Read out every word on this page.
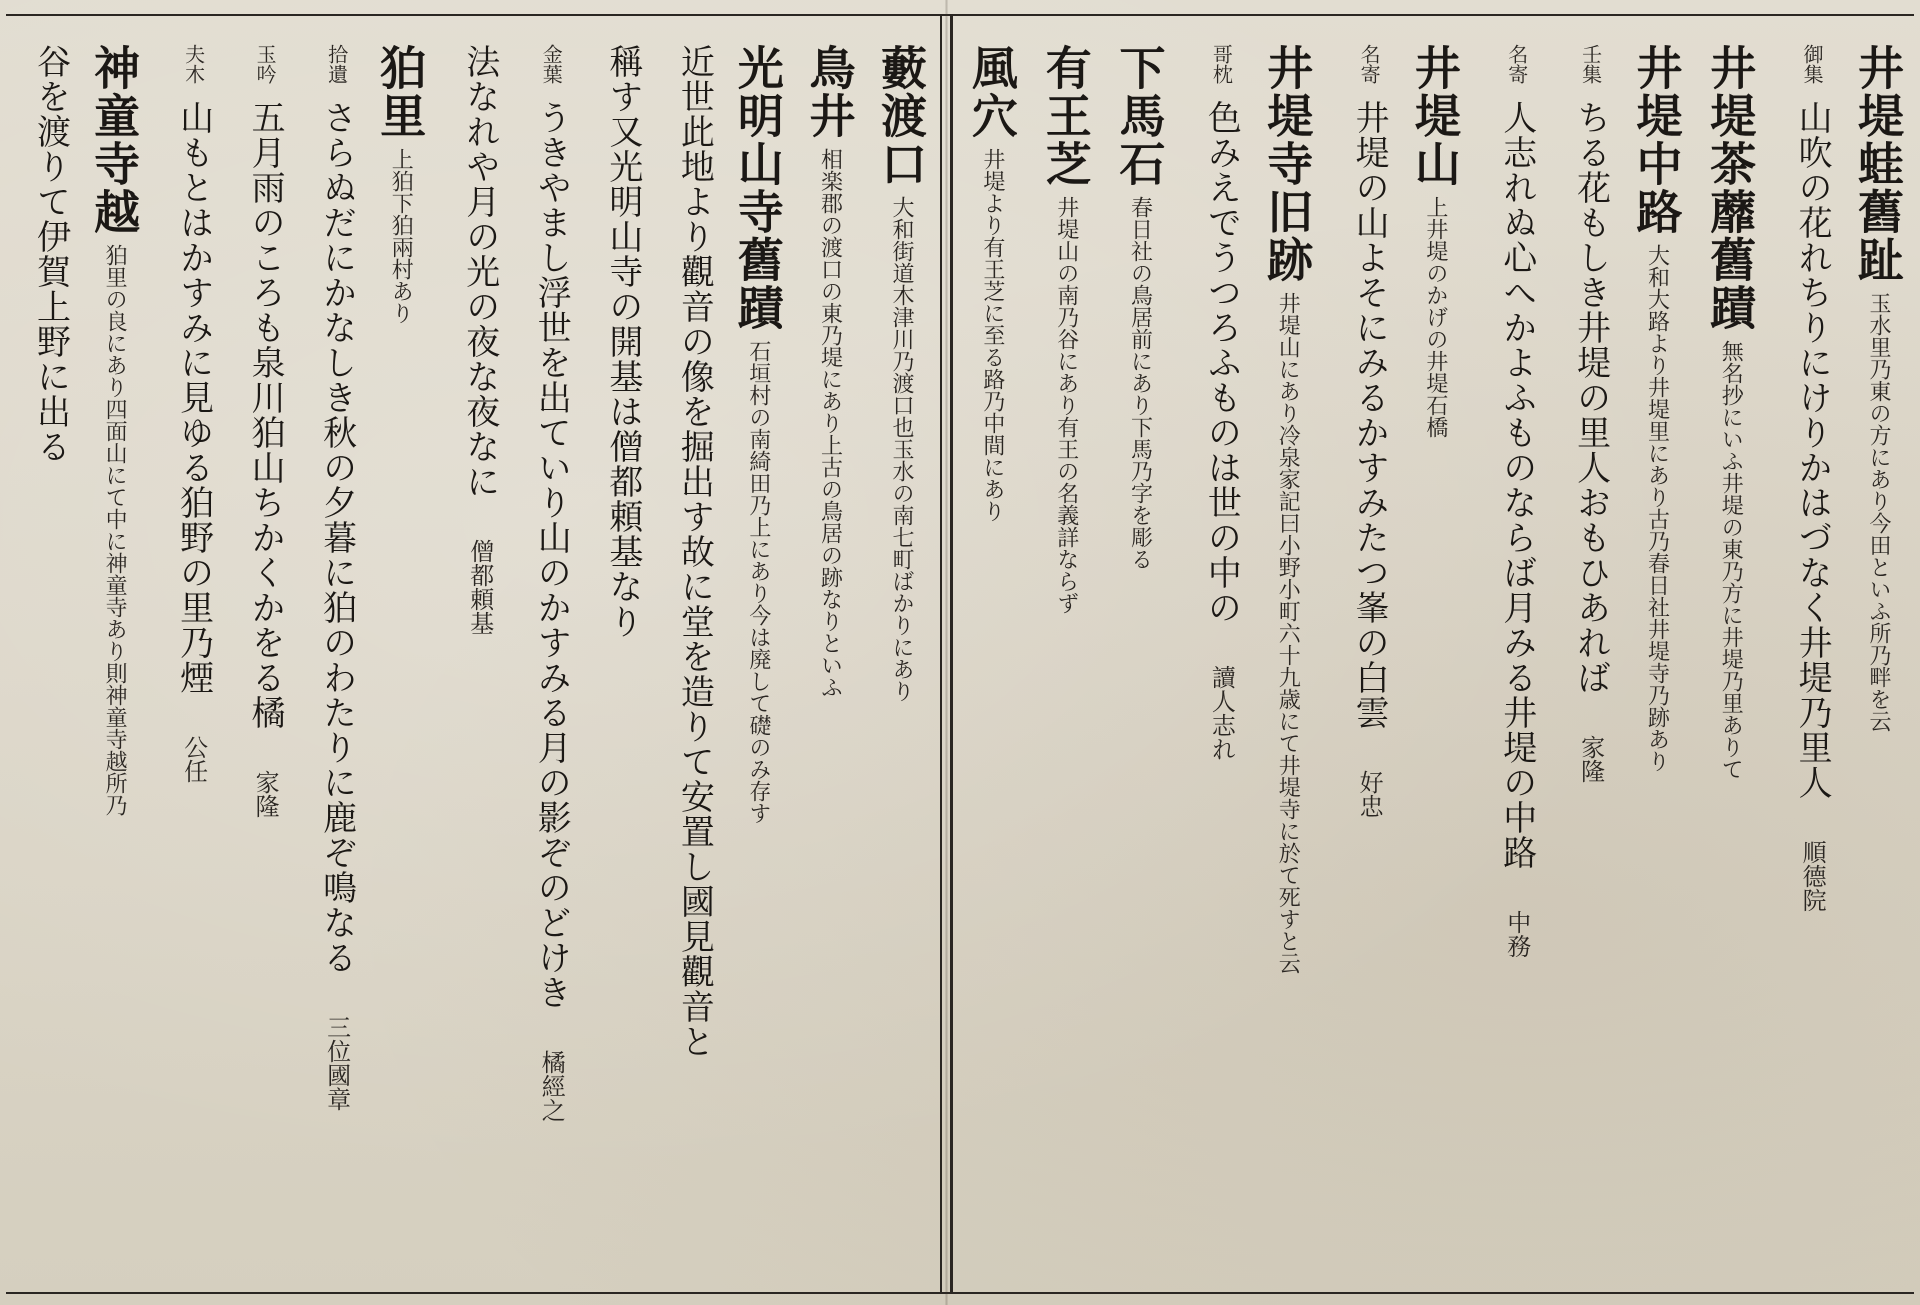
井堤蛙舊趾玉水里乃東の方にあり今田といふ所乃畔を云
御集山吹の花れちりにけりかはづなく井堤乃里人順德院
井堤茶蘼舊蹟無名抄にいふ井堤の東乃方に井堤乃里ありて
井堤中路大和大路より井堤里にあり古乃春日社井堤寺乃跡あり
壬集ちる花もしき井堤の里人おもひあれば家隆
名寄人志れぬ心へかよふものならば月みる井堤の中路中務
井堤山上井堤のかげの井堤石橋
名寄井堤の山よそにみるかすみたつ峯の白雲好忠
井堤寺旧跡井堤山にあり冷泉家記曰小野小町六十九歳にて井堤寺に於て死すと云
哥枕色みえでうつろふものは世の中の讀人志れ
下馬石春日社の鳥居前にあり下馬乃字を彫る
有王芝井堤山の南乃谷にあり有王の名義詳ならず
風穴井堤より有王芝に至る路乃中間にあり
藪渡口大和街道木津川乃渡口也玉水の南七町ばかりにあり
鳥井相楽郡の渡口の東乃堤にあり上古の鳥居の跡なりといふ
光明山寺舊蹟石垣村の南綺田乃上にあり今は廃して礎のみ存す
近世此地より觀音の像を掘出す故に堂を造りて安置し國見觀音と
稱す又光明山寺の開基は僧都頼基なり
金葉うきやまし浮世を出ていり山のかすみる月の影ぞのどけき橘經之
法なれや月の光の夜な夜なに僧都頼基
狛里上狛下狛兩村あり
拾遺さらぬだにかなしき秋の夕暮に狛のわたりに鹿ぞ鳴なる三位國章
玉吟五月雨のころも泉川狛山ちかくかをる橘家隆
夫木山もとはかすみに見ゆる狛野の里乃煙公任
神童寺越狛里の良にあり四面山にて中に神童寺あり則神童寺越所乃
谷を渡りて伊賀上野に出る
